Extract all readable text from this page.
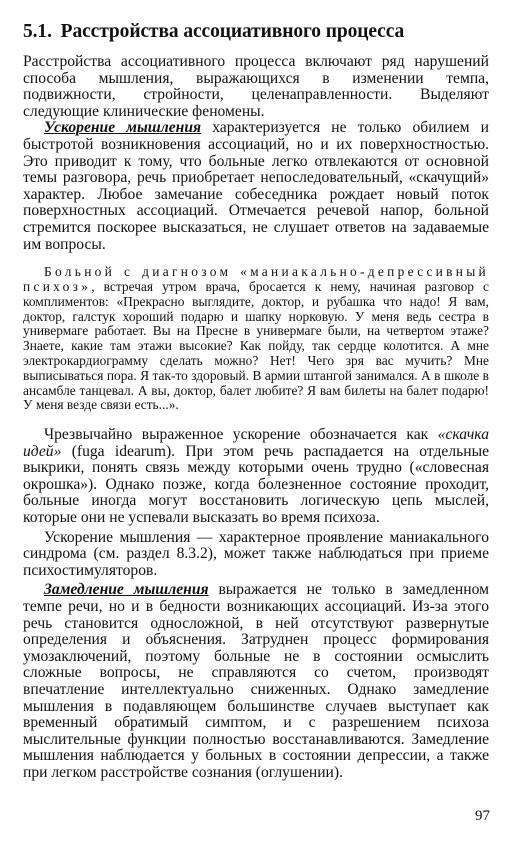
5.1. Расстройства ассоциативного процесса

Расстройства ассоциативного процесса включают ряд нарушений способа мышления, выражающихся в изменении темпа, подвижности, стройности, целенаправленности. Выделяют следующие клинические феномены.

Ускорение мышления характеризуется не только обилием и быстротой возникновения ассоциаций, но и их поверхностностью. Это приводит к тому, что больные легко отвлекаются от основной темы разговора, речь приобретает непоследовательный, «скачущий» характер. Любое замечание собеседника рождает новый поток поверхностных ассоциаций. Отмечается речевой напор, больной стремится поскорее высказаться, не слушает ответов на задаваемые им вопросы.

Больной с диагнозом «маниакально-депрессивный психоз», встречая утром врача, бросается к нему, начиная разговор с комплиментов: «Прекрасно выглядите, доктор, и рубашка что надо! Я вам, доктор, галстук хороший подарю и шапку норковую. У меня ведь сестра в универмаге работает. Вы на Пресне в универмаге были, на четвертом этаже? Знаете, какие там этажи высокие? Как пойду, так сердце колотится. А мне электрокардиограмму сделать можно? Нет! Чего зря вас мучить? Мне выписываться пора. Я так-то здоровый. В армии штангой занимался. А в школе в ансамбле танцевал. А вы, доктор, балет любите? Я вам билеты на балет подарю! У меня везде связи есть...».

Чрезвычайно выраженное ускорение обозначается как «скачка идей» (fuga idearum). При этом речь распадается на отдельные выкрики, понять связь между которыми очень трудно («словесная окрошка»). Однако позже, когда болезненное состояние проходит, больные иногда могут восстановить логическую цепь мыслей, которые они не успевали высказать во время психоза.

Ускорение мышления — характерное проявление маниакального синдрома (см. раздел 8.3.2), может также наблюдаться при приеме психостимуляторов.

Замедление мышления выражается не только в замедленном темпе речи, но и в бедности возникающих ассоциаций. Из-за этого речь становится односложной, в ней отсутствуют развернутые определения и объяснения. Затруднен процесс формирования умозаключений, поэтому больные не в состоянии осмыслить сложные вопросы, не справляются со счетом, производят впечатление интеллектуально сниженных. Однако замедление мышления в подавляющем большинстве случаев выступает как временный обратимый симптом, и с разрешением психоза мыслительные функции полностью восстанавливаются. Замедление мышления наблюдается у больных в состоянии депрессии, а также при легком расстройстве сознания (оглушении).

97
